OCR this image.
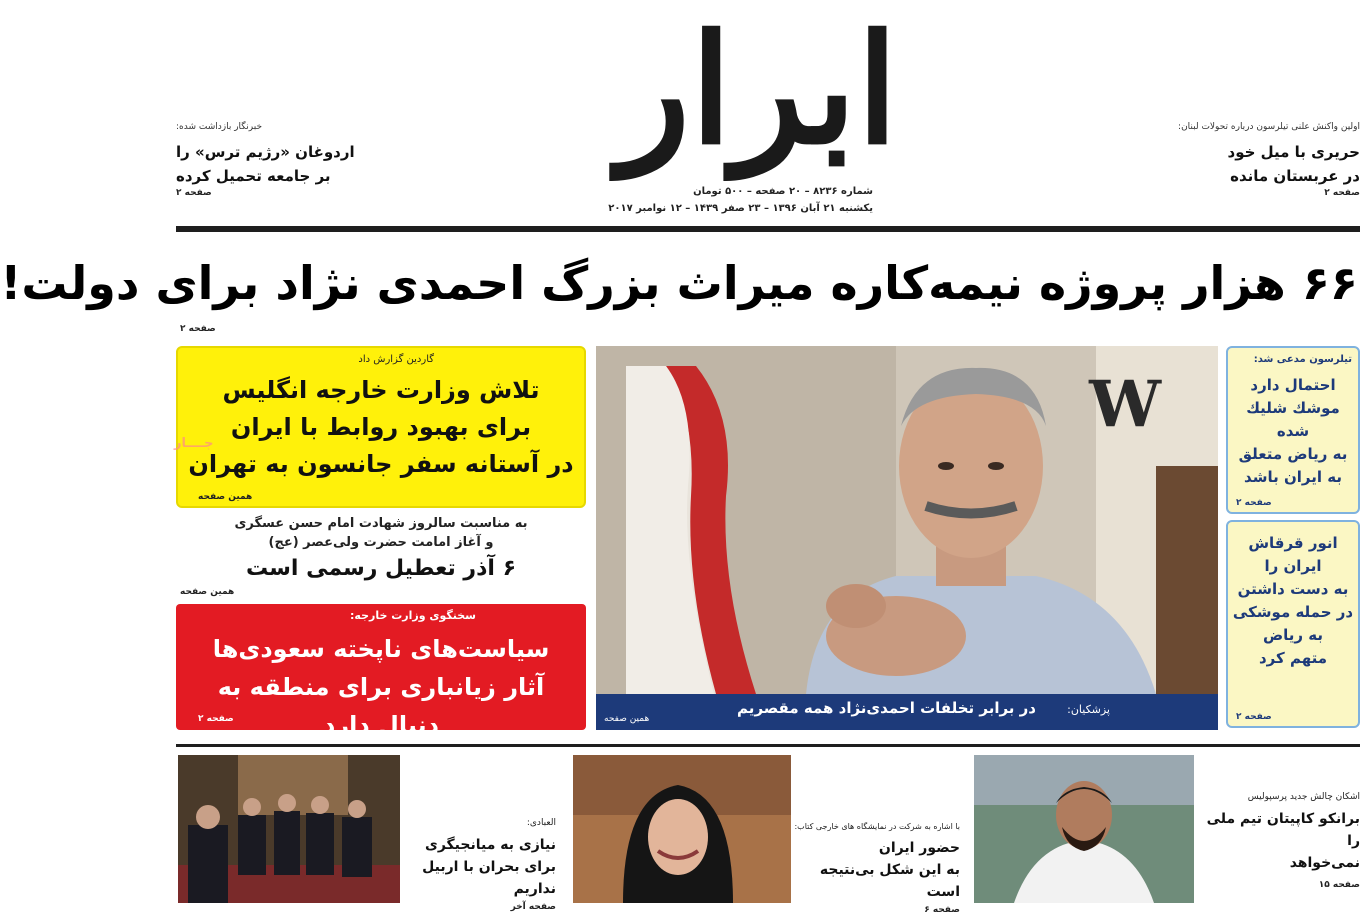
ابرار
شماره ۸۲۳۶ – ۲۰ صفحه – ۵۰۰ تومان
یکشنبه ۲۱ آبان ۱۳۹۶ – ۲۳ صفر ۱۴۳۹ – ۱۲ نوامبر ۲۰۱۷
اولین واکنش علنی تیلرسون درباره تحولات لبنان:
حریری با میل خود
در عربستان مانده
صفحه ۲
خبرنگار بازداشت شده:
اردوغان «رژیم ترس» را
بر جامعه تحمیل کرده
صفحه ۲
۶۶ هزار پروژه نیمه‌کاره میراث بزرگ احمدی نژاد برای دولت!
صفحه ۲
گاردین گزارش داد
تلاش وزارت خارجه انگلیس
برای بهبود روابط با ایران
در آستانه سفر جانسون به تهران
همین صفحه
جــــار
به مناسبت سالروز شهادت امام حسن عسگری
و آغاز امامت حضرت ولی‌عصر (عج)
۶ آذر تعطیل رسمی است
همین صفحه
سخنگوی وزارت خارجه:
سیاست‌های ناپخته سعودی‌ها
آثار زیانباری برای منطقه به دنبال دارد
صفحه ۲
W
پزشکیان:
در برابر تخلفات احمدی‌نژاد همه مقصریم
همین صفحه
تیلرسون مدعی شد:
احتمال دارد
موشك شليك شده
به رياض متعلق
به ايران باشد
صفحه ۲
انور قرقاش
ایران را
به دست داشتن
در حمله موشکی
به ریاض
متهم کرد
صفحه ۲
اشکان چالش جدید پرسپولیس
برانکو کاپیتان تیم ملی را
نمی‌خواهد
صفحه ۱۵
با اشاره به شرکت در نمایشگاه های خارجی کتاب:
حضور ایران
به این شکل بی‌نتیجه است
صفحه ۶
العبادی:
نیازی به میانجیگری
برای بحران با اربیل نداریم
صفحه آخر
